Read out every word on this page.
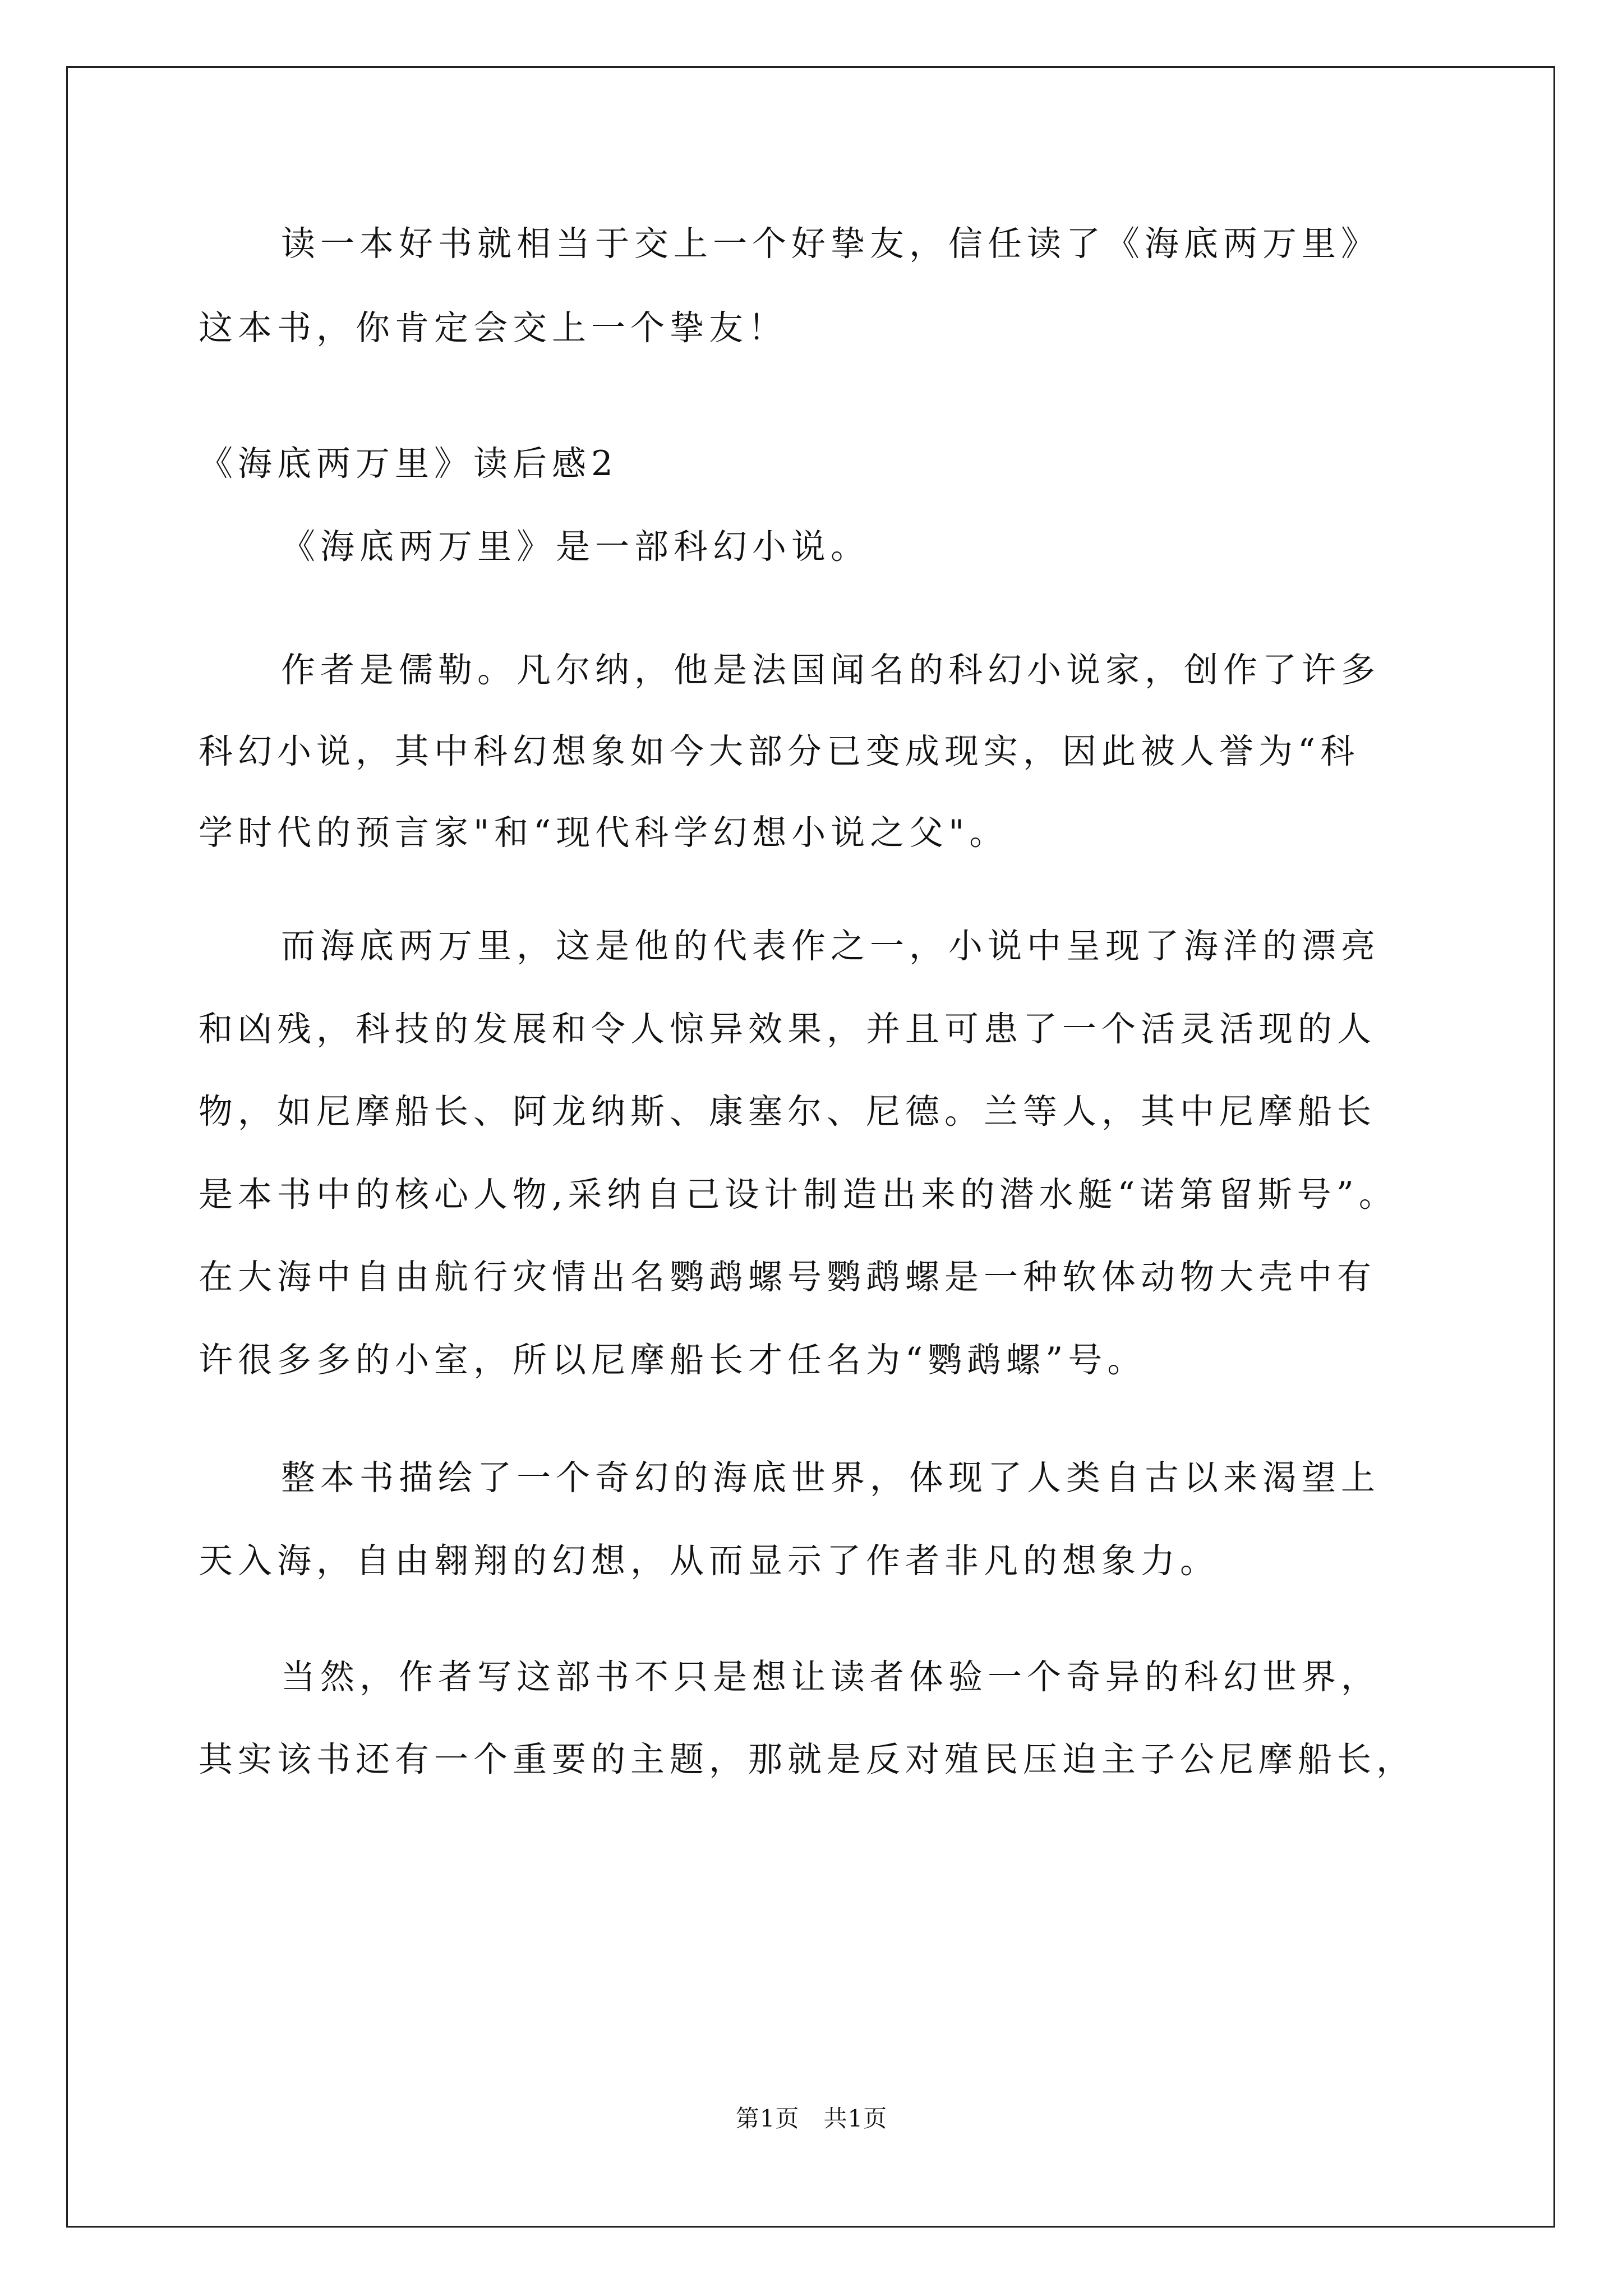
读一本好书就相当于交上一个好挚友，信任读了《海底两万里》
这本书，你肯定会交上一个挚友！
《海底两万里》读后感2
《海底两万里》是一部科幻小说。
作者是儒勒。凡尔纳，他是法国闻名的科幻小说家，创作了许多
科幻小说，其中科幻想象如今大部分已变成现实，因此被人誉为“科
学时代的预言家"和“现代科学幻想小说之父"。
而海底两万里，这是他的代表作之一，小说中呈现了海洋的漂亮
和凶残，科技的发展和令人惊异效果，并且可患了一个活灵活现的人
物，如尼摩船长、阿龙纳斯、康塞尔、尼德。兰等人，其中尼摩船长
是本书中的核心人物,采纳自己设计制造出来的潜水艇“诺第留斯号”。
在大海中自由航行灾情出名鹦鹉螺号鹦鹉螺是一种软体动物大壳中有
许很多多的小室，所以尼摩船长才任名为“鹦鹉螺”号。
整本书描绘了一个奇幻的海底世界，体现了人类自古以来渴望上
天入海，自由翱翔的幻想，从而显示了作者非凡的想象力。
当然，作者写这部书不只是想让读者体验一个奇异的科幻世界，
其实该书还有一个重要的主题，那就是反对殖民压迫主子公尼摩船长，
第1页　共1页
